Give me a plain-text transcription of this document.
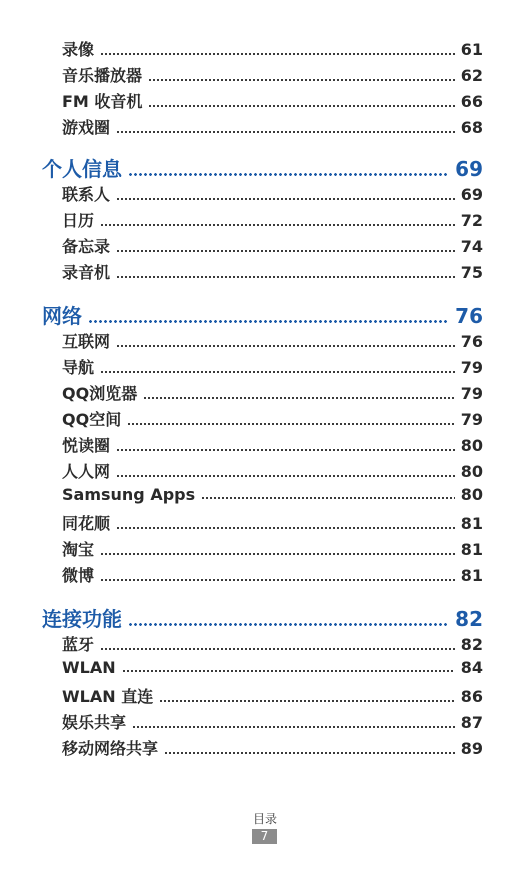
录像	61
音乐播放器	62
FM 收音机	66
游戏圈	68
个人信息	69
联系人	69
日历	72
备忘录	74
录音机	75
网络	76
互联网	76
导航	79
QQ浏览器	79
QQ空间	79
悦读圈	80
人人网	80
Samsung Apps	80
同花顺	81
淘宝	81
微博	81
连接功能	82
蓝牙	82
WLAN	84
WLAN 直连	86
娱乐共享	87
移动网络共享	89
目录
7
